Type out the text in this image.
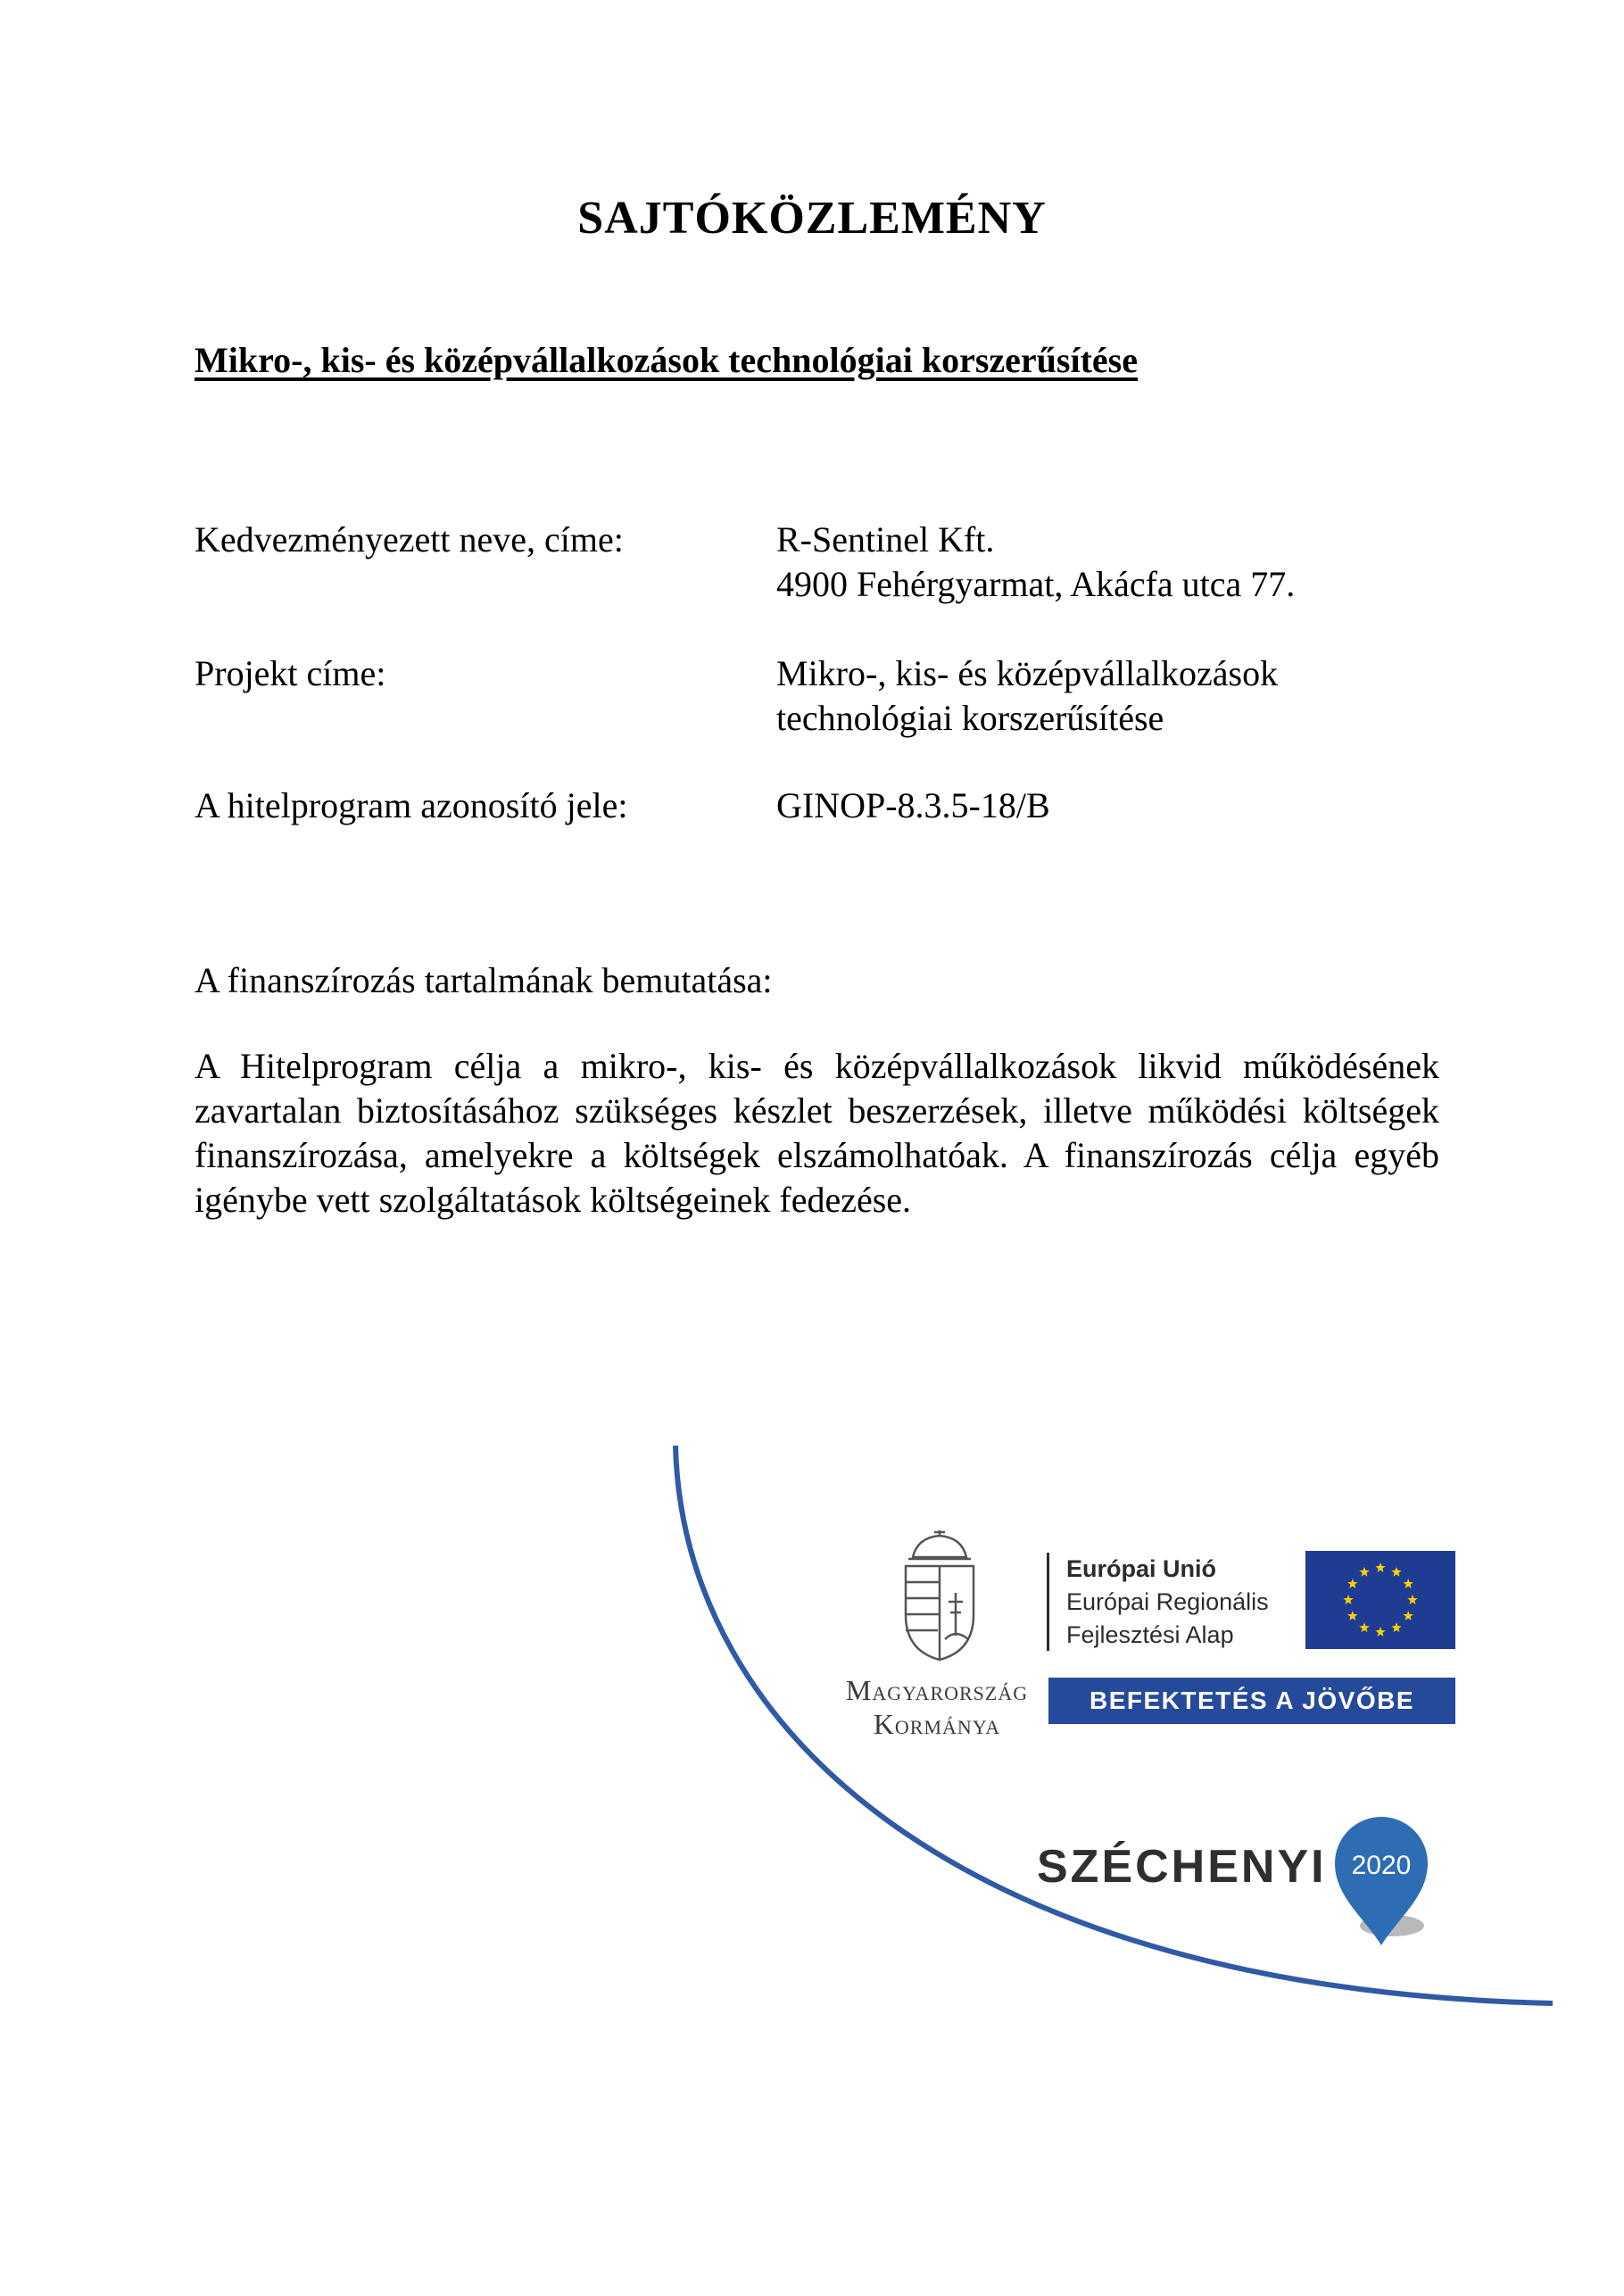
SAJTÓKÖZLEMÉNY
Mikro-, kis- és középvállalkozások technológiai korszerűsítése
Kedvezményezett neve, címe:	R-Sentinel Kft.
4900 Fehérgyarmat, Akácfa utca 77.
Projekt címe:	Mikro-, kis- és középvállalkozások
technológiai korszerűsítése
A hitelprogram azonosító jele:	GINOP-8.3.5-18/B
A finanszírozás tartalmának bemutatása:
A Hitelprogram célja a mikro-, kis- és középvállalkozások likvid működésének zavartalan biztosításához szükséges készlet beszerzések, illetve működési költségek finanszírozása, amelyekre a költségek elszámolhatóak. A finanszírozás célja egyéb igénybe vett szolgáltatások költségeinek fedezése.
Magyarország
Kormánya
Európai Unió
Európai Regionális
Fejlesztési Alap
BEFEKTETÉS A JÖVŐBE
SZÉCHENYI 2020
